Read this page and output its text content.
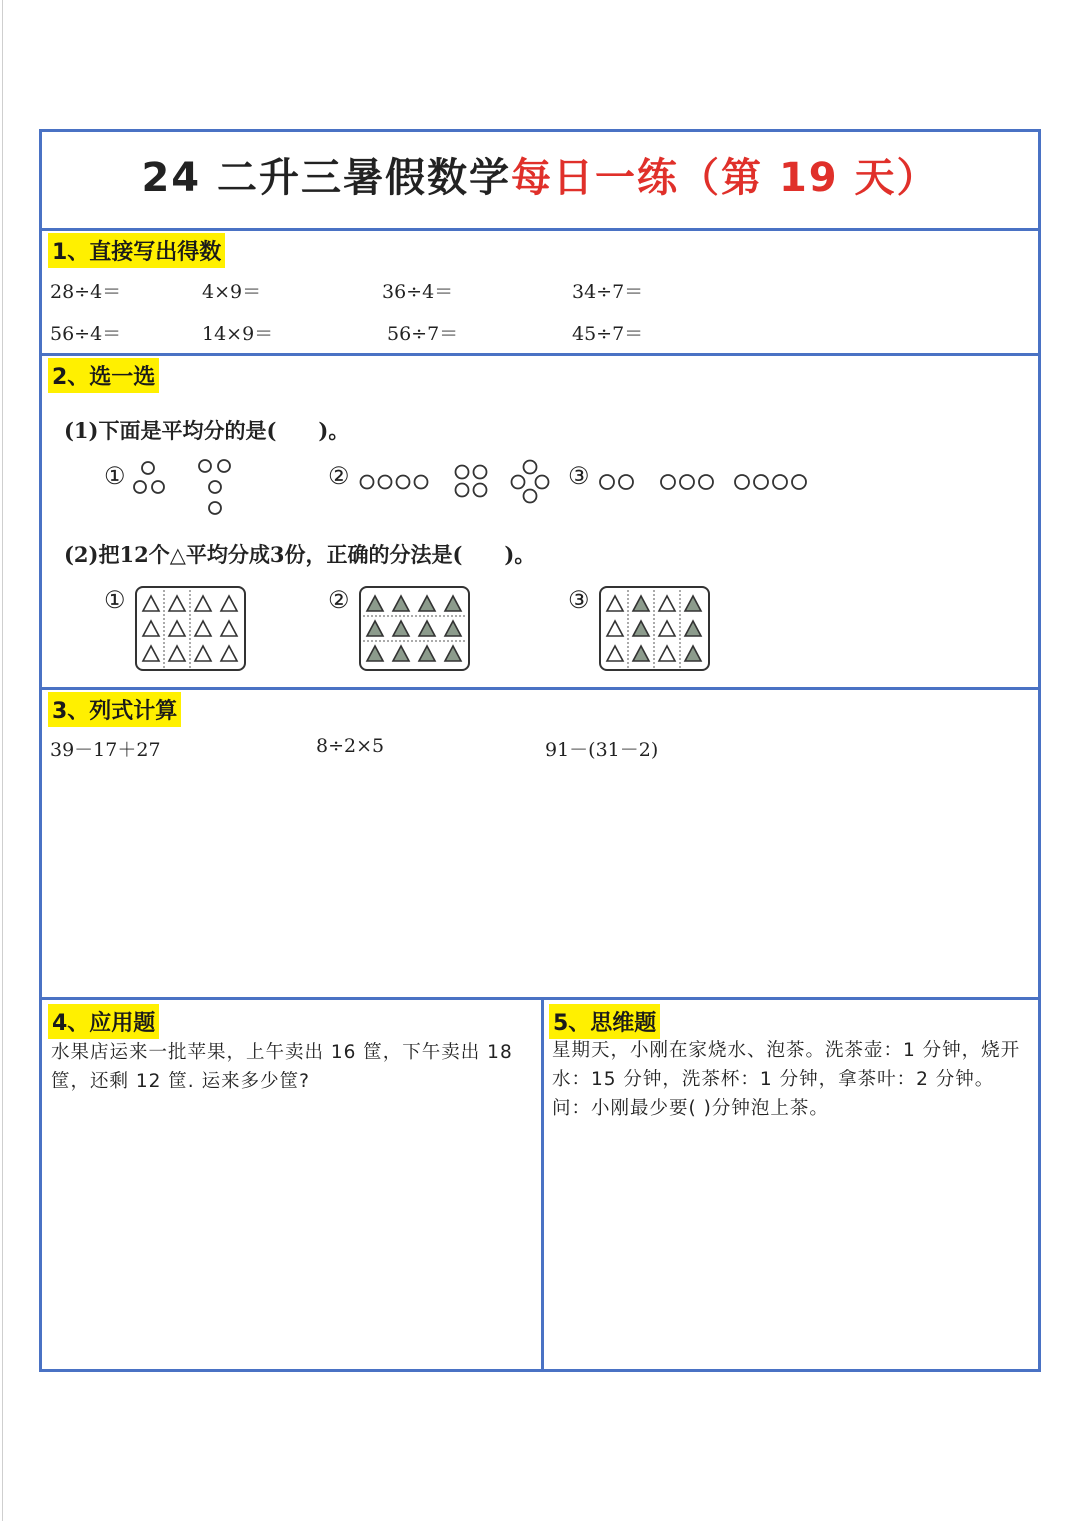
24 二升三暑假数学每日一练（第 19 天）
1、直接写出得数
28÷4＝	4×9＝	36÷4＝	34÷7＝
56÷4＝	14×9＝	56÷7＝	45÷7＝
2、选一选
(1)下面是平均分的是(　　)。
①	②	③
(2)把12个△平均分成3份，正确的分法是(　　)。
①	②	③
3、列式计算
39－17＋27	8÷2×5	91－(31－2)
4、应用题
水果店运来一批苹果，上午卖出 16 筐，下午卖出 18 筐，还剩 12 筐. 运来多少筐?
5、思维题
星期天，小刚在家烧水、泡茶。洗茶壶：1 分钟，烧开水：15 分钟，洗茶杯：1 分钟，拿茶叶：2 分钟。问：小刚最少要( )分钟泡上茶。
